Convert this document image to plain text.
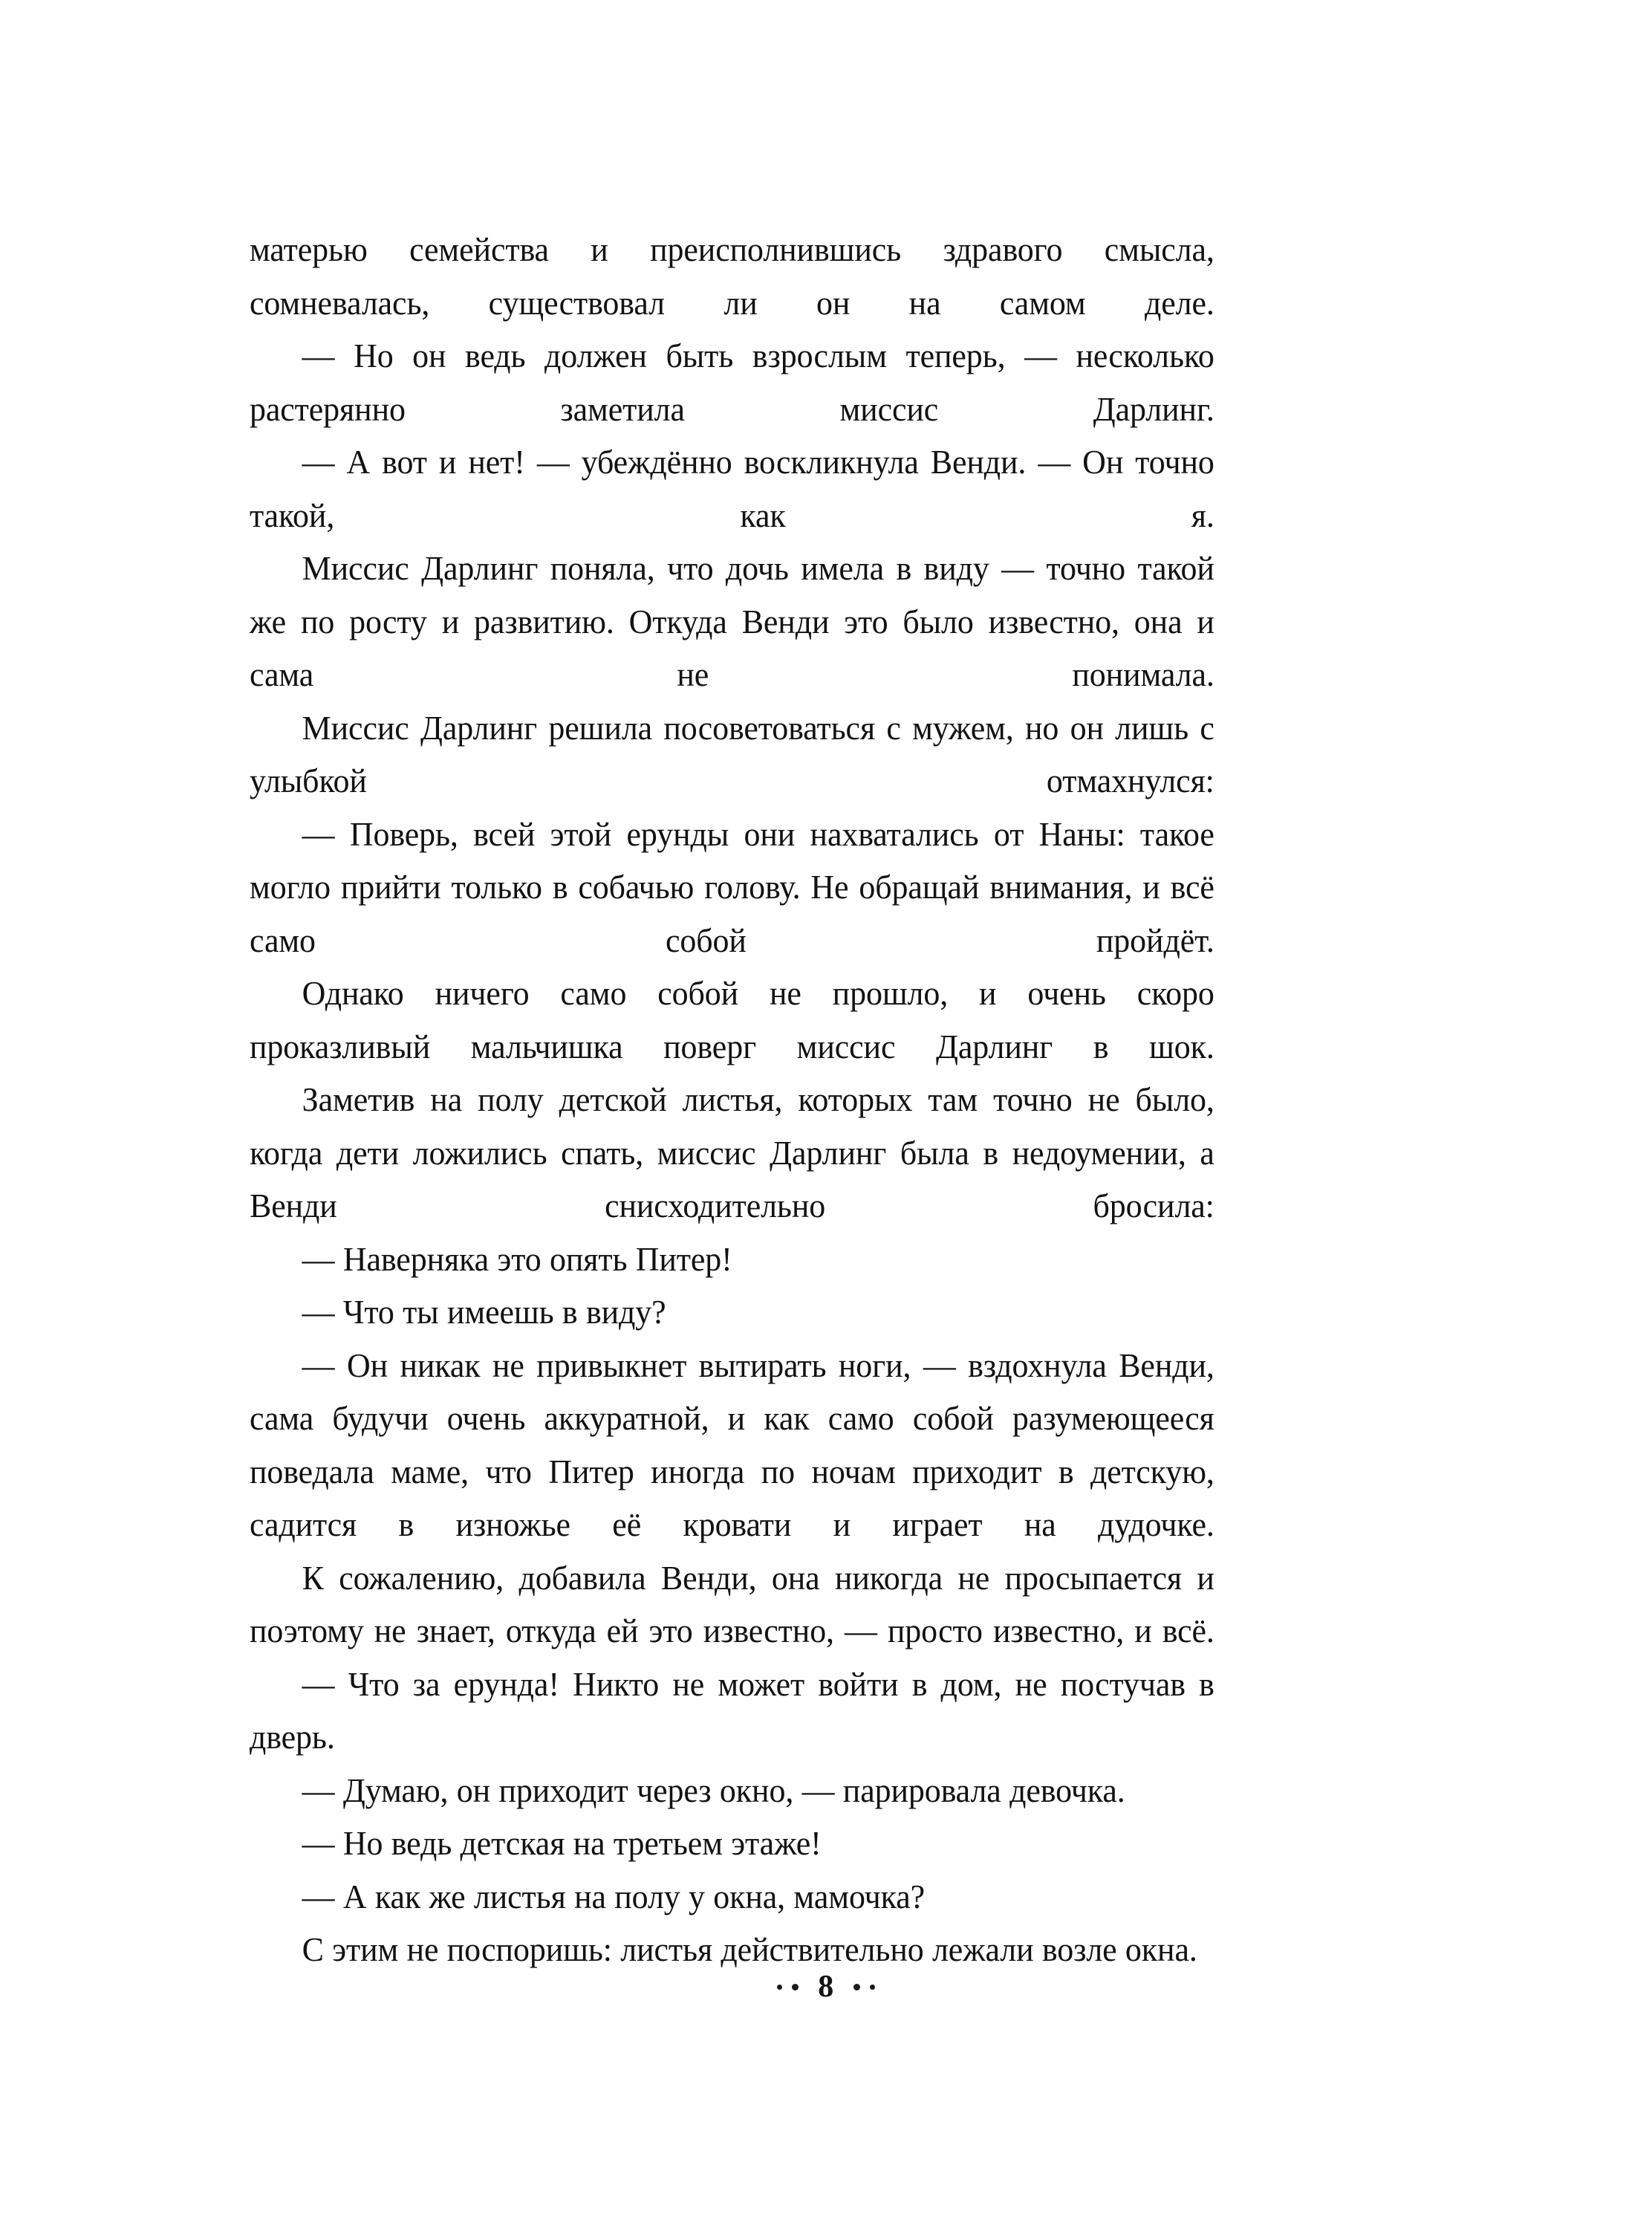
матерью семейства и преисполнившись здравого смысла, сомневалась, существовал ли он на самом деле.

— Но он ведь должен быть взрослым теперь, — несколько растерянно заметила миссис Дарлинг.

— А вот и нет! — убеждённо воскликнула Венди. — Он точно такой, как я.

Миссис Дарлинг поняла, что дочь имела в виду — точно такой же по росту и развитию. Откуда Венди это было известно, она и сама не понимала.

Миссис Дарлинг решила посоветоваться с мужем, но он лишь с улыбкой отмахнулся:

— Поверь, всей этой ерунды они нахватались от Наны: такое могло прийти только в собачью голову. Не обращай внимания, и всё само собой пройдёт.

Однако ничего само собой не прошло, и очень скоро проказливый мальчишка поверг миссис Дарлинг в шок.

Заметив на полу детской листья, которых там точно не было, когда дети ложились спать, миссис Дарлинг была в недоумении, а Венди снисходительно бросила:

— Наверняка это опять Питер!

— Что ты имеешь в виду?

— Он никак не привыкнет вытирать ноги, — вздохнула Венди, сама будучи очень аккуратной, и как само собой разумеющееся поведала маме, что Питер иногда по ночам приходит в детскую, садится в изножье её кровати и играет на дудочке.

К сожалению, добавила Венди, она никогда не просыпается и поэтому не знает, откуда ей это известно, — просто известно, и всё.

— Что за ерунда! Никто не может войти в дом, не постучав в дверь.

— Думаю, он приходит через окно, — парировала девочка.

— Но ведь детская на третьем этаже!

— А как же листья на полу у окна, мамочка?

С этим не поспоришь: листья действительно лежали возле окна.

8
